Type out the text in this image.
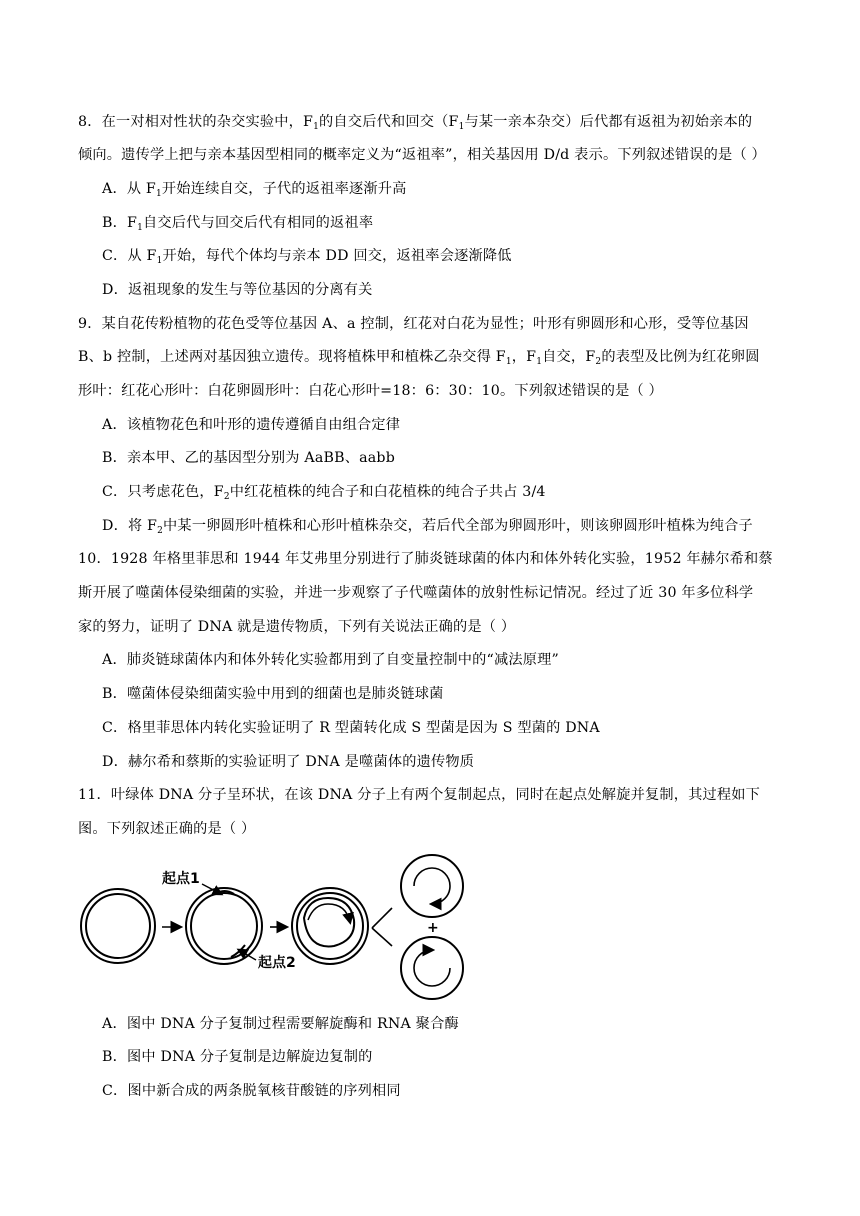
8．在一对相对性状的杂交实验中，$F_1$的自交后代和回交（$F_1$与某一亲本杂交）后代都有返祖为初始亲本的
倾向。遗传学上把与亲本基因型相同的概率定义为“返祖率”，相关基因用 D/d 表示。下列叙述错误的是（ ）
A．从 $F_1$开始连续自交，子代的返祖率逐渐升高
B．$F_1$自交后代与回交后代有相同的返祖率
C．从 $F_1$开始，每代个体均与亲本 DD 回交，返祖率会逐渐降低
D．返祖现象的发生与等位基因的分离有关
9．某自花传粉植物的花色受等位基因 A、a 控制，红花对白花为显性；叶形有卵圆形和心形，受等位基因
B、b 控制，上述两对基因独立遗传。现将植株甲和植株乙杂交得 $F_1$，$F_1$自交，$F_2$的表型及比例为红花卵圆
形叶：红花心形叶：白花卵圆形叶：白花心形叶=18：6：30：10。下列叙述错误的是（ ）
A．该植物花色和叶形的遗传遵循自由组合定律
B．亲本甲、乙的基因型分别为 AaBB、aabb
C．只考虑花色，$F_2$中红花植株的纯合子和白花植株的纯合子共占 3/4
D．将 $F_2$中某一卵圆形叶植株和心形叶植株杂交，若后代全部为卵圆形叶，则该卵圆形叶植株为纯合子
10．1928 年格里菲思和 1944 年艾弗里分别进行了肺炎链球菌的体内和体外转化实验，1952 年赫尔希和蔡
斯开展了噬菌体侵染细菌的实验，并进一步观察了子代噬菌体的放射性标记情况。经过了近 30 年多位科学
家的努力，证明了 DNA 就是遗传物质，下列有关说法正确的是（ ）
A．肺炎链球菌体内和体外转化实验都用到了自变量控制中的“减法原理”
B．噬菌体侵染细菌实验中用到的细菌也是肺炎链球菌
C．格里菲思体内转化实验证明了 R 型菌转化成 S 型菌是因为 S 型菌的 DNA
D．赫尔希和蔡斯的实验证明了 DNA 是噬菌体的遗传物质
11．叶绿体 DNA 分子呈环状，在该 DNA 分子上有两个复制起点，同时在起点处解旋并复制，其过程如下
图。下列叙述正确的是（ ）
起点1
起点2
+
A．图中 DNA 分子复制过程需要解旋酶和 RNA 聚合酶
B．图中 DNA 分子复制是边解旋边复制的
C．图中新合成的两条脱氧核苷酸链的序列相同
